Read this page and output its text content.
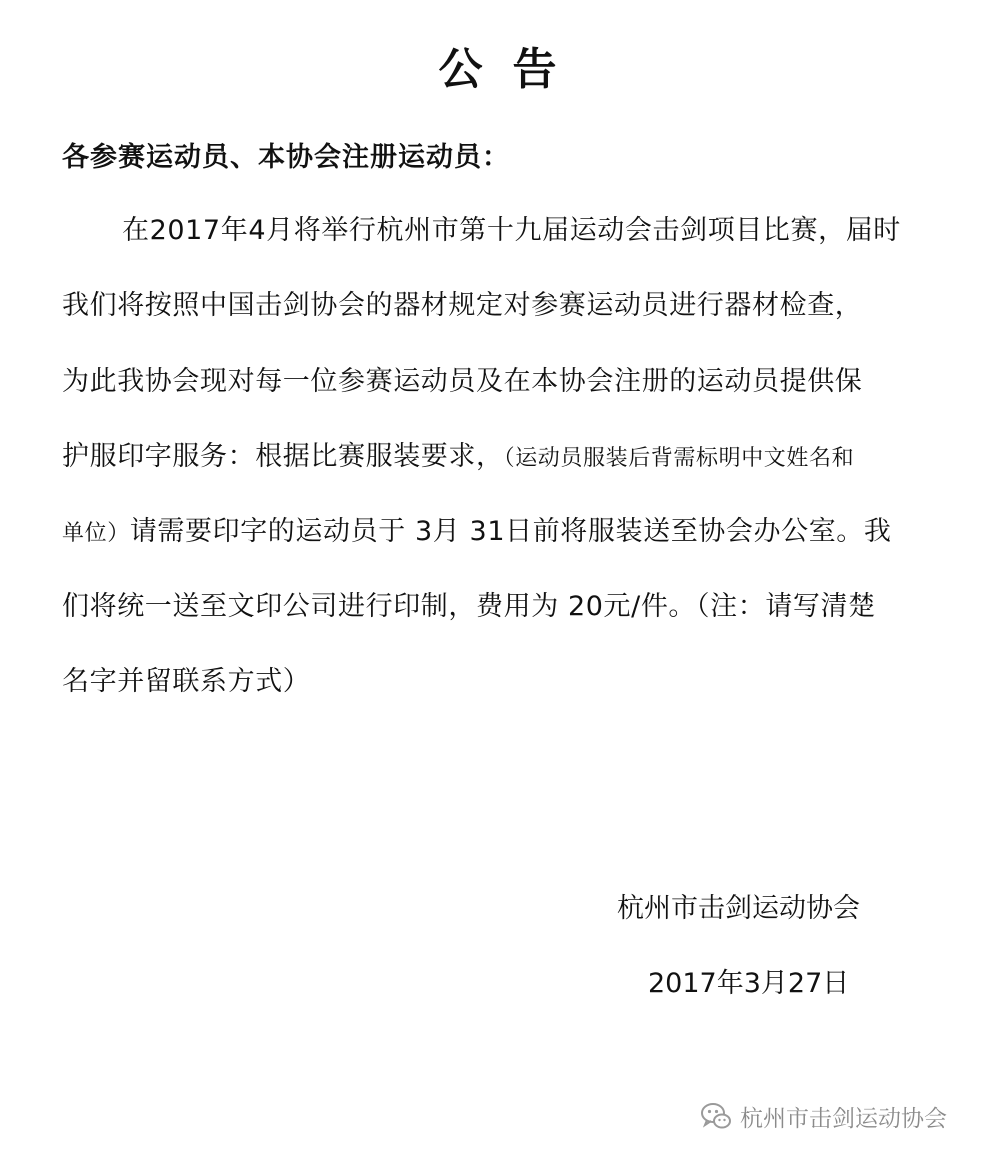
公告
各参赛运动员、本协会注册运动员：
在2017年4月将举行杭州市第十九届运动会击剑项目比赛，届时
我们将按照中国击剑协会的器材规定对参赛运动员进行器材检查，
为此我协会现对每一位参赛运动员及在本协会注册的运动员提供保
护服印字服务：根据比赛服装要求，（运动员服装后背需标明中文姓名和
单位）请需要印字的运动员于 3月 31日前将服装送至协会办公室。我
们将统一送至文印公司进行印制，费用为 20元/件。（注：请写清楚
名字并留联系方式）
杭州市击剑运动协会
2017年3月27日
杭州市击剑运动协会
